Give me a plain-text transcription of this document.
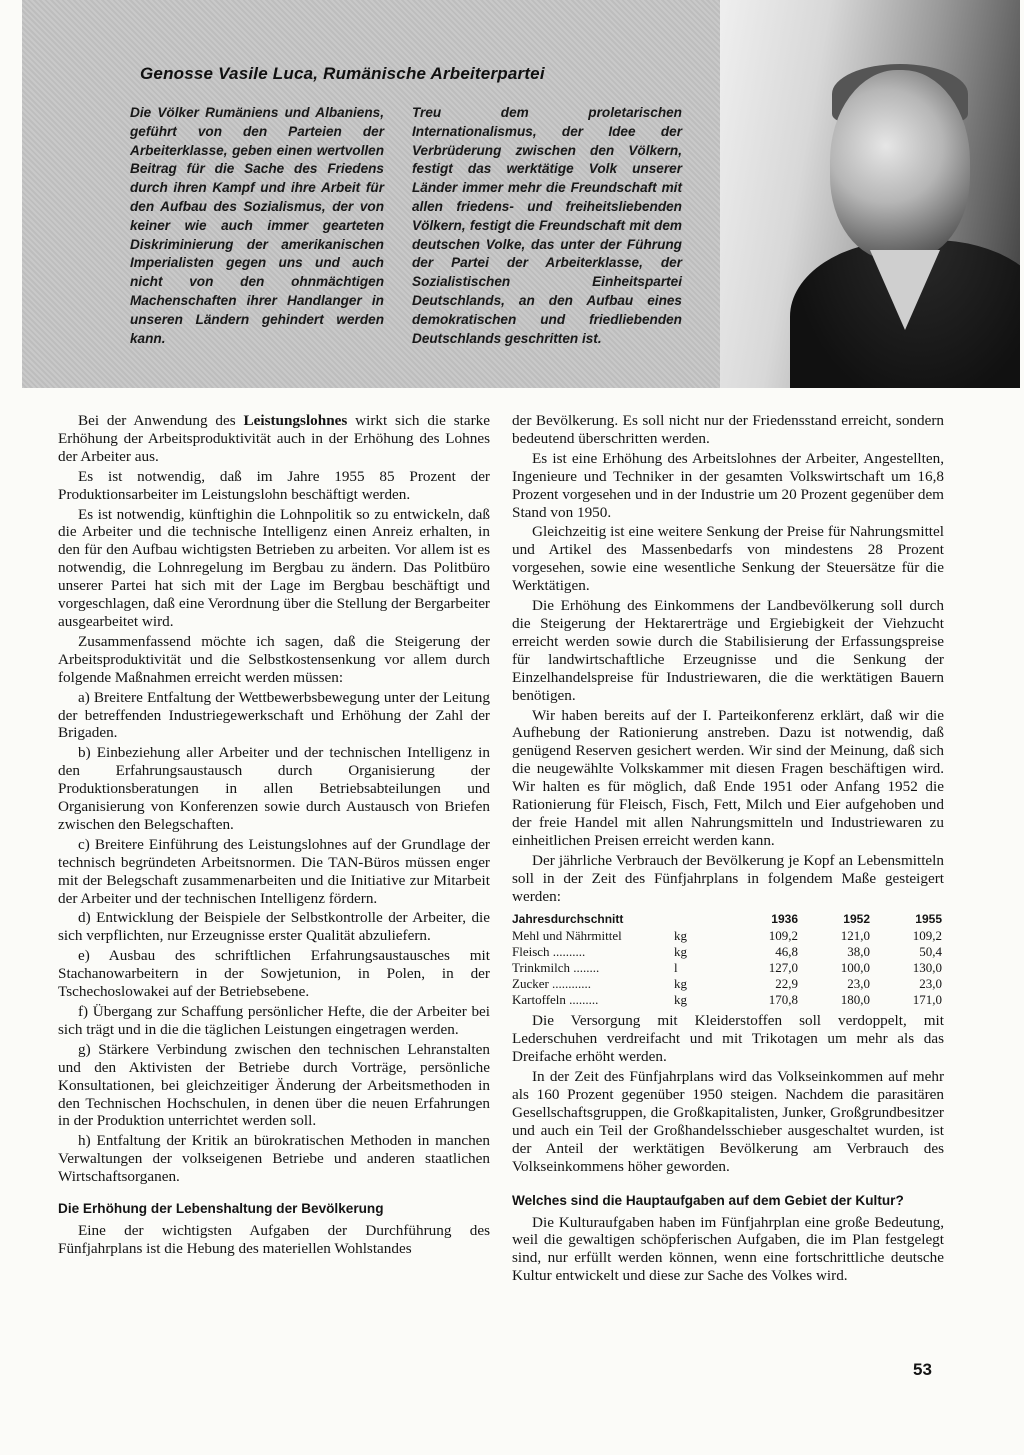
Genosse Vasile Luca, Rumänische Arbeiterpartei

Die Völker Rumäniens und Albaniens, geführt von den Parteien der Arbeiterklasse, geben einen wertvollen Beitrag für die Sache des Friedens durch ihren Kampf und ihre Arbeit für den Aufbau des Sozialismus, der von keiner wie auch immer gearteten Diskriminierung der amerikanischen Imperialisten gegen uns und auch nicht von den ohnmächtigen Machenschaften ihrer Handlanger in unseren Ländern gehindert werden kann.

Treu dem proletarischen Internationalismus, der Idee der Verbrüderung zwischen den Völkern, festigt das werktätige Volk unserer Länder immer mehr die Freundschaft mit allen friedens- und freiheitsliebenden Völkern, festigt die Freundschaft mit dem deutschen Volke, das unter der Führung der Partei der Arbeiterklasse, der Sozialistischen Einheitspartei Deutschlands, an den Aufbau eines demokratischen und friedliebenden Deutschlands geschritten ist.

Bei der Anwendung des Leistungslohnes wirkt sich die starke Erhöhung der Arbeitsproduktivität auch in der Erhöhung des Lohnes der Arbeiter aus.

Es ist notwendig, daß im Jahre 1955 85 Prozent der Produktionsarbeiter im Leistungslohn beschäftigt werden.

Es ist notwendig, künftighin die Lohnpolitik so zu entwickeln, daß die Arbeiter und die technische Intelligenz einen Anreiz erhalten, in den für den Aufbau wichtigsten Betrieben zu arbeiten. Vor allem ist es notwendig, die Lohnregelung im Bergbau zu ändern. Das Politbüro unserer Partei hat sich mit der Lage im Bergbau beschäftigt und vorgeschlagen, daß eine Verordnung über die Stellung der Bergarbeiter ausgearbeitet wird.

Zusammenfassend möchte ich sagen, daß die Steigerung der Arbeitsproduktivität und die Selbstkostensenkung vor allem durch folgende Maßnahmen erreicht werden müssen:

a) Breitere Entfaltung der Wettbewerbsbewegung unter der Leitung der betreffenden Industriegewerkschaft und Erhöhung der Zahl der Brigaden.

b) Einbeziehung aller Arbeiter und der technischen Intelligenz in den Erfahrungsaustausch durch Organisierung der Produktionsberatungen in allen Betriebsabteilungen und Organisierung von Konferenzen sowie durch Austausch von Briefen zwischen den Belegschaften.

c) Breitere Einführung des Leistungslohnes auf der Grundlage der technisch begründeten Arbeitsnormen. Die TAN-Büros müssen enger mit der Belegschaft zusammenarbeiten und die Initiative zur Mitarbeit der Arbeiter und der technischen Intelligenz fördern.

d) Entwicklung der Beispiele der Selbstkontrolle der Arbeiter, die sich verpflichten, nur Erzeugnisse erster Qualität abzuliefern.

e) Ausbau des schriftlichen Erfahrungsaustausches mit Stachanowarbeitern in der Sowjetunion, in Polen, in der Tschechoslowakei auf der Betriebsebene.

f) Übergang zur Schaffung persönlicher Hefte, die der Arbeiter bei sich trägt und in die die täglichen Leistungen eingetragen werden.

g) Stärkere Verbindung zwischen den technischen Lehranstalten und den Aktivisten der Betriebe durch Vorträge, persönliche Konsultationen, bei gleichzeitiger Änderung der Arbeitsmethoden in den Technischen Hochschulen, in denen über die neuen Erfahrungen in der Produktion unterrichtet werden soll.

h) Entfaltung der Kritik an bürokratischen Methoden in manchen Verwaltungen der volkseigenen Betriebe und anderen staatlichen Wirtschaftsorganen.

Die Erhöhung der Lebenshaltung der Bevölkerung

Eine der wichtigsten Aufgaben der Durchführung des Fünfjahrplans ist die Hebung des materiellen Wohlstandes

der Bevölkerung. Es soll nicht nur der Friedensstand erreicht, sondern bedeutend überschritten werden.

Es ist eine Erhöhung des Arbeitslohnes der Arbeiter, Angestellten, Ingenieure und Techniker in der gesamten Volkswirtschaft um 16,8 Prozent vorgesehen und in der Industrie um 20 Prozent gegenüber dem Stand von 1950.

Gleichzeitig ist eine weitere Senkung der Preise für Nahrungsmittel und Artikel des Massenbedarfs von mindestens 28 Prozent vorgesehen, sowie eine wesentliche Senkung der Steuersätze für die Werktätigen.

Die Erhöhung des Einkommens der Landbevölkerung soll durch die Steigerung der Hektarerträge und Ergiebigkeit der Viehzucht erreicht werden sowie durch die Stabilisierung der Erfassungspreise für landwirtschaftliche Erzeugnisse und die Senkung der Einzelhandelspreise für Industriewaren, die die werktätigen Bauern benötigen.

Wir haben bereits auf der I. Parteikonferenz erklärt, daß wir die Aufhebung der Rationierung anstreben. Dazu ist notwendig, daß genügend Reserven gesichert werden. Wir sind der Meinung, daß sich die neugewählte Volkskammer mit diesen Fragen beschäftigen wird. Wir halten es für möglich, daß Ende 1951 oder Anfang 1952 die Rationierung für Fleisch, Fisch, Fett, Milch und Eier aufgehoben und der freie Handel mit allen Nahrungsmitteln und Industriewaren zu einheitlichen Preisen erreicht werden kann.

Der jährliche Verbrauch der Bevölkerung je Kopf an Lebensmitteln soll in der Zeit des Fünfjahrplans in folgendem Maße gesteigert werden:

Jahresdurchschnitt		1936	1952	1955
Mehl und Nährmittel	kg	109,2	121,0	109,2
Fleisch ..........	kg	46,8	38,0	50,4
Trinkmilch ........	l	127,0	100,0	130,0
Zucker ............	kg	22,9	23,0	23,0
Kartoffeln .........	kg	170,8	180,0	171,0

Die Versorgung mit Kleiderstoffen soll verdoppelt, mit Lederschuhen verdreifacht und mit Trikotagen um mehr als das Dreifache erhöht werden.

In der Zeit des Fünfjahrplans wird das Volkseinkommen auf mehr als 160 Prozent gegenüber 1950 steigen. Nachdem die parasitären Gesellschaftsgruppen, die Großkapitalisten, Junker, Großgrundbesitzer und auch ein Teil der Großhandelsschieber ausgeschaltet wurden, ist der Anteil der werktätigen Bevölkerung am Verbrauch des Volkseinkommens höher geworden.

Welches sind die Hauptaufgaben auf dem Gebiet der Kultur?

Die Kulturaufgaben haben im Fünfjahrplan eine große Bedeutung, weil die gewaltigen schöpferischen Aufgaben, die im Plan festgelegt sind, nur erfüllt werden können, wenn eine fortschrittliche deutsche Kultur entwickelt und diese zur Sache des Volkes wird.

53
